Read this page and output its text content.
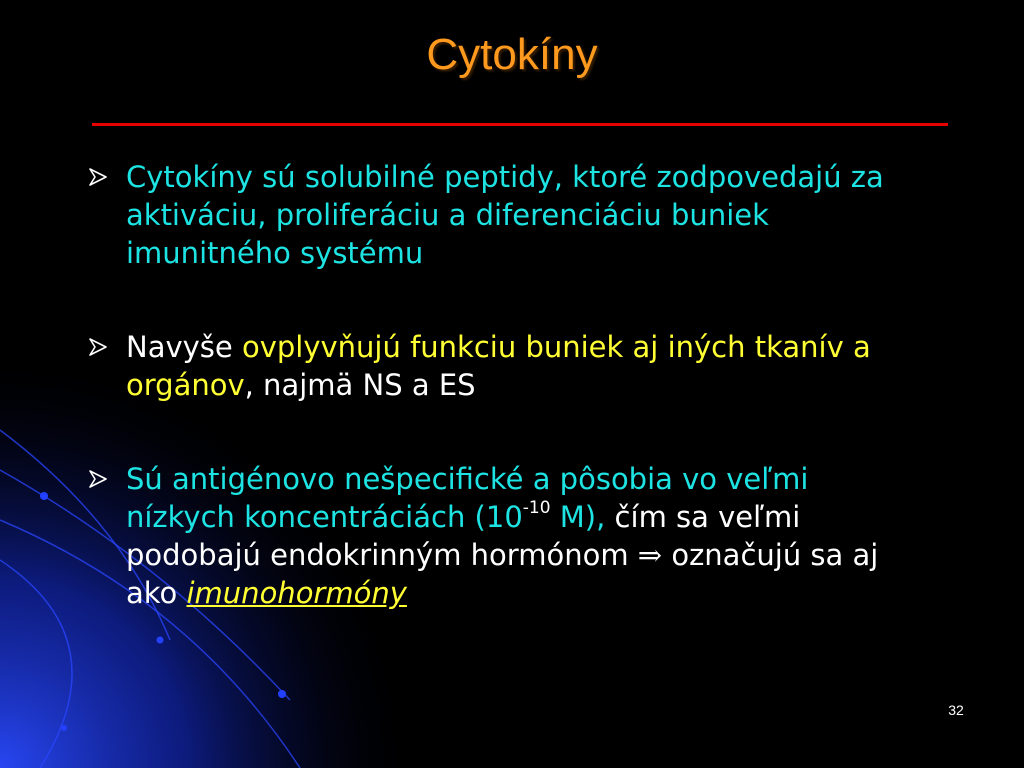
Cytokíny
Cytokíny sú solubilné peptidy, ktoré zodpovedajú za aktiváciu, proliferáciu a diferenciáciu buniek imunitného systému
Navyše ovplyvňujú funkciu buniek aj iných tkanív a orgánov, najmä NS a ES
Sú antigénovo nešpecifické a pôsobia vo veľmi nízkych koncentráciách ($10^{-10}$ M), čím sa veľmi podobajú endokrinným hormónom ⇒ označujú sa aj ako imunohormóny
32
